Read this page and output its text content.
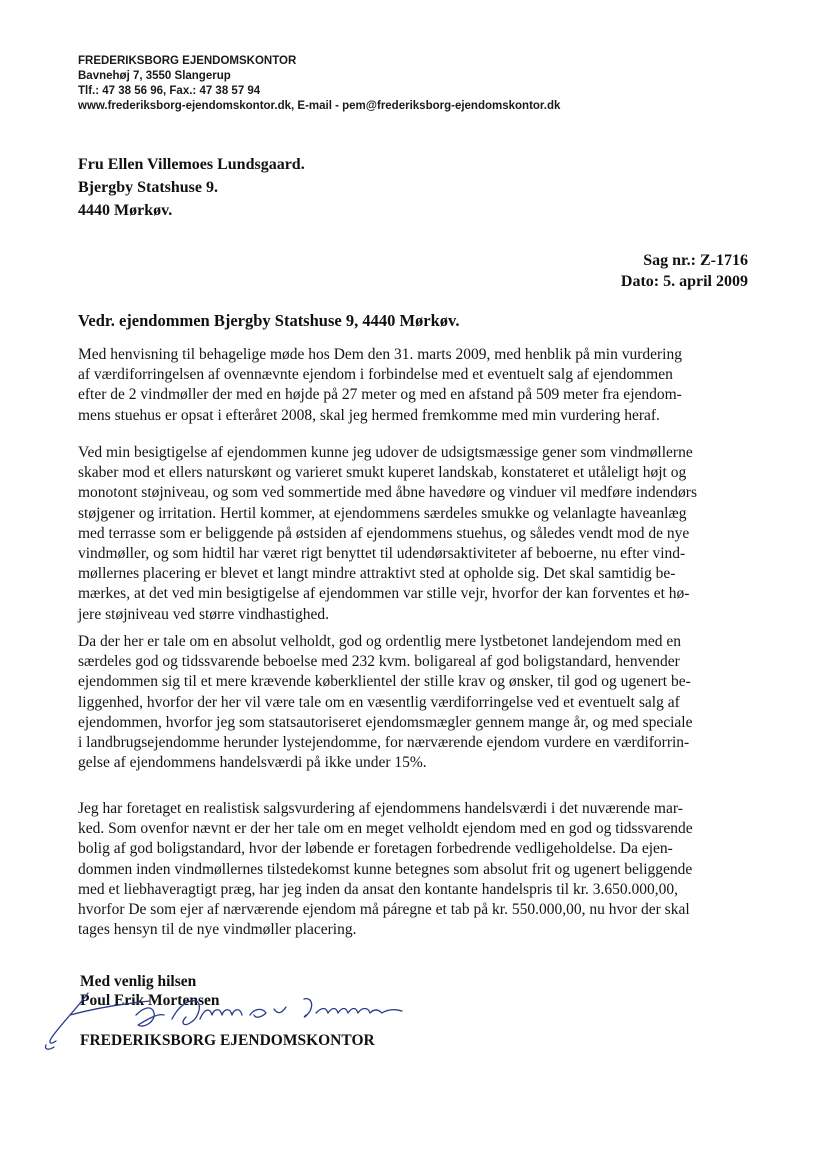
FREDERIKSBORG EJENDOMSKONTOR
Bavnehøj 7, 3550 Slangerup
Tlf.: 47 38 56 96, Fax.: 47 38 57 94
www.frederiksborg-ejendomskontor.dk, E-mail - pem@frederiksborg-ejendomskontor.dk
Fru Ellen Villemoes Lundsgaard.
Bjergby Statshuse 9.
4440 Mørkøv.
Sag nr.: Z-1716
Dato: 5. april 2009
Vedr. ejendommen Bjergby Statshuse 9, 4440 Mørkøv.

Med henvisning til behagelige møde hos Dem den 31. marts 2009, med henblik på min vurdering
af værdiforringelsen af ovennævnte ejendom i forbindelse med et eventuelt salg af ejendommen
efter de 2 vindmøller der med en højde på 27 meter og med en afstand på 509 meter fra ejendom-
mens stuehus er opsat i efteråret 2008, skal jeg hermed fremkomme med min vurdering heraf.

Ved min besigtigelse af ejendommen kunne jeg udover de udsigtsmæssige gener som vindmøllerne
skaber mod et ellers naturskønt og varieret smukt kuperet landskab, konstateret et utåleligt højt og
monotont støjniveau, og som ved sommertide med åbne havedøre og vinduer vil medføre indendørs
støjgener og irritation. Hertil kommer, at ejendommens særdeles smukke og velanlagte haveanlæg
med terrasse som er beliggende på østsiden af ejendommens stuehus, og således vendt mod de nye
vindmøller, og som hidtil har været rigt benyttet til udendørsaktiviteter af beboerne, nu efter vind-
møllernes placering er blevet et langt mindre attraktivt sted at opholde sig. Det skal samtidig be-
mærkes, at det ved min besigtigelse af ejendommen var stille vejr, hvorfor der kan forventes et hø-
jere støjniveau ved større vindhastighed.

Da der her er tale om en absolut velholdt, god og ordentlig mere lystbetonet landejendom med en
særdeles god og tidssvarende beboelse med 232 kvm. boligareal af god boligstandard, henvender
ejendommen sig til et mere krævende køberklientel der stille krav og ønsker, til god og ugenert be-
liggenhed, hvorfor der her vil være tale om en væsentlig værdiforringelse ved et eventuelt salg af
ejendommen, hvorfor jeg som statsautoriseret ejendomsmægler gennem mange år, og med speciale
i landbrugsejendomme herunder lystejendomme, for nærværende ejendom vurdere en værdiforrin-
gelse af ejendommens handelsværdi på ikke under 15%.

Jeg har foretaget en realistisk salgsvurdering af ejendommens handelsværdi i det nuværende mar-
ked. Som ovenfor nævnt er der her tale om en meget velholdt ejendom med en god og tidssvarende
bolig af god boligstandard, hvor der løbende er foretagen forbedrende vedligeholdelse. Da ejen-
dommen inden vindmøllernes tilstedekomst kunne betegnes som absolut frit og ugenert beliggende
med et liebhaveragtigt præg, har jeg inden da ansat den kontante handelspris til kr. 3.650.000,00,
hvorfor De som ejer af nærværende ejendom må páregne et tab på kr. 550.000,00, nu hvor der skal
tages hensyn til de nye vindmøller placering.

Med venlig hilsen
Poul Erik Mortensen
FREDERIKSBORG EJENDOMSKONTOR
